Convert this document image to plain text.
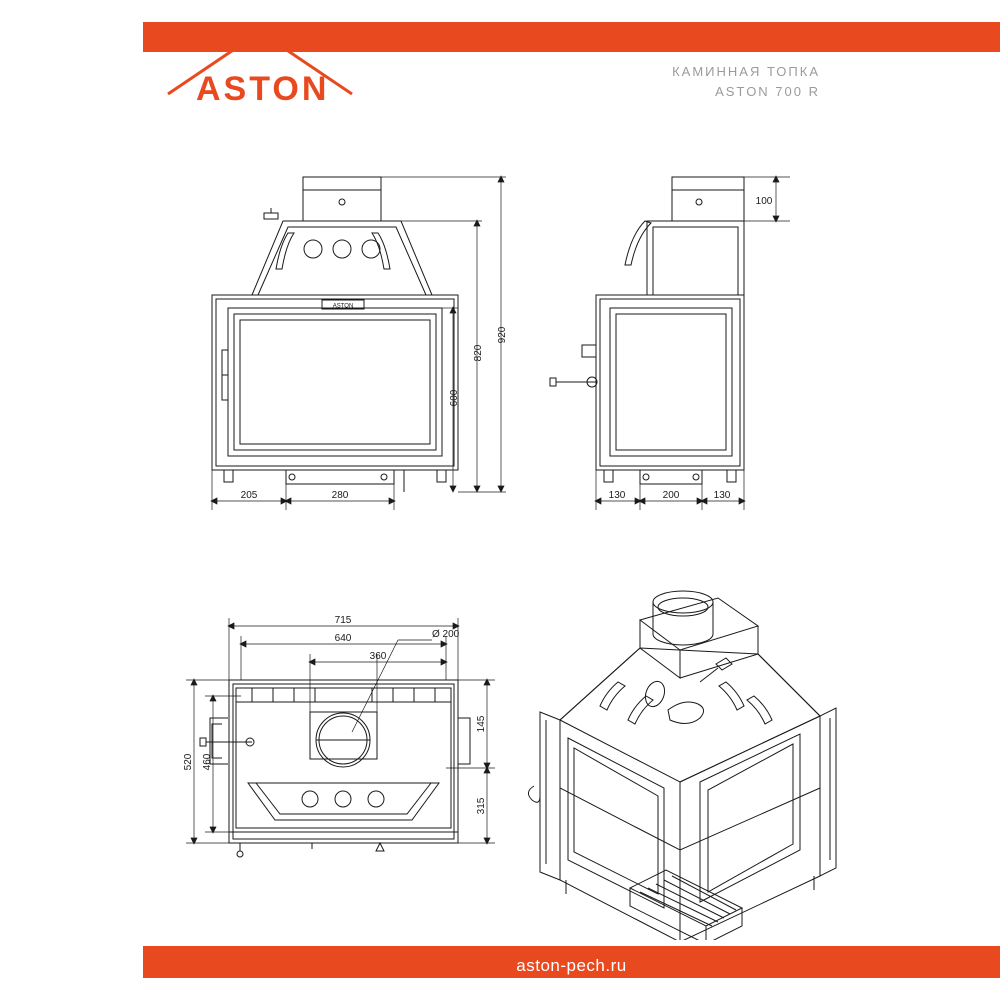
ASTON	КАМИННАЯ ТОПКА
ASTON 700 R
ASTON
205	280
920
820
600
100
130	200	130
715
640
360
Ø 200
145
315
520 460
aston-pech.ru
